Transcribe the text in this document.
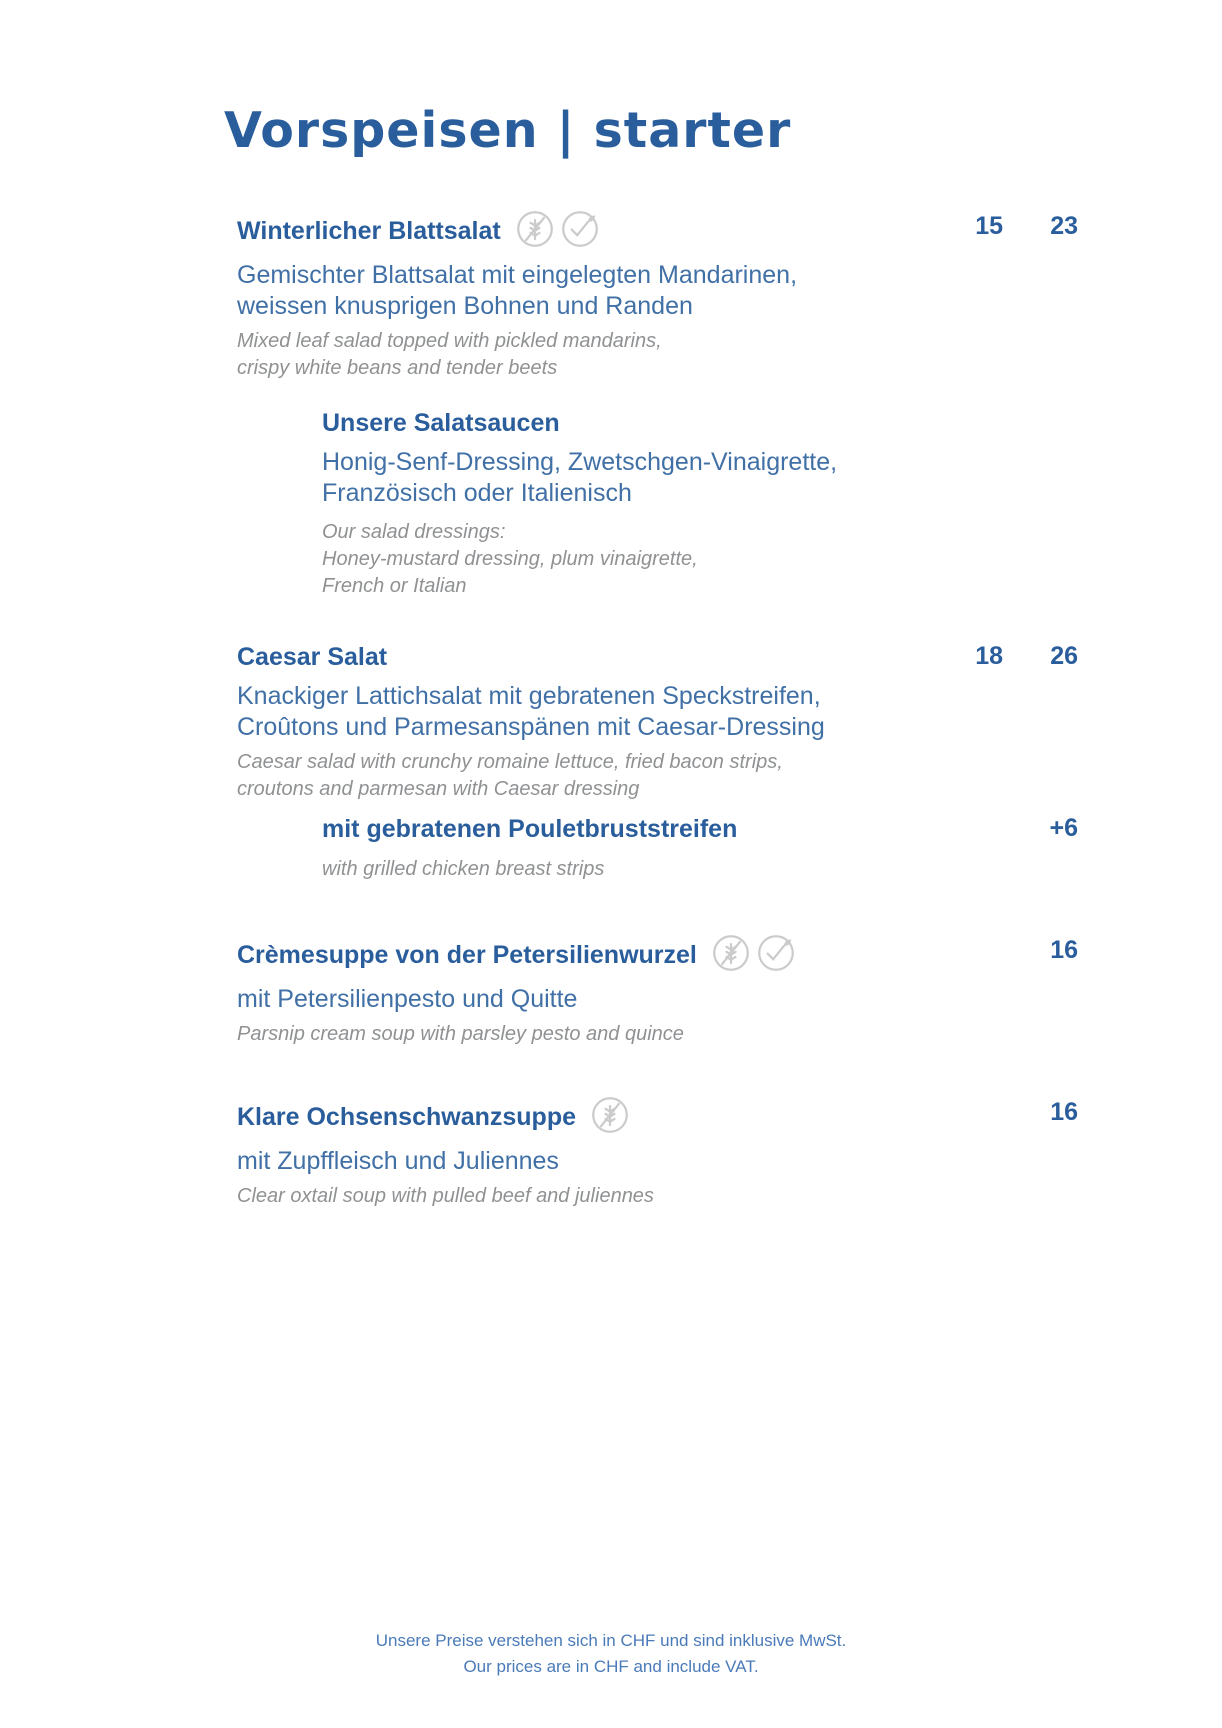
Vorspeisen | starter
Winterlicher Blattsalat
Gemischter Blattsalat mit eingelegten Mandarinen,
weissen knusprigen Bohnen und Randen
Mixed leaf salad topped with pickled mandarins,
crispy white beans and tender beets
15	23
Unsere Salatsaucen
Honig-Senf-Dressing, Zwetschgen-Vinaigrette,
Französisch oder Italienisch
Our salad dressings:
Honey-mustard dressing, plum vinaigrette,
French or Italian
Caesar Salat
Knackiger Lattichsalat mit gebratenen Speckstreifen,
Croûtons und Parmesanspänen mit Caesar-Dressing
Caesar salad with crunchy romaine lettuce, fried bacon strips,
croutons and parmesan with Caesar dressing
18	26
mit gebratenen Pouletbruststreifen
with grilled chicken breast strips
+6
Crèmesuppe von der Petersilienwurzel
mit Petersilienpesto und Quitte
Parsnip cream soup with parsley pesto and quince
16
Klare Ochsenschwanzsuppe
mit Zupffleisch und Juliennes
Clear oxtail soup with pulled beef and juliennes
16
Unsere Preise verstehen sich in CHF und sind inklusive MwSt.
Our prices are in CHF and include VAT.
